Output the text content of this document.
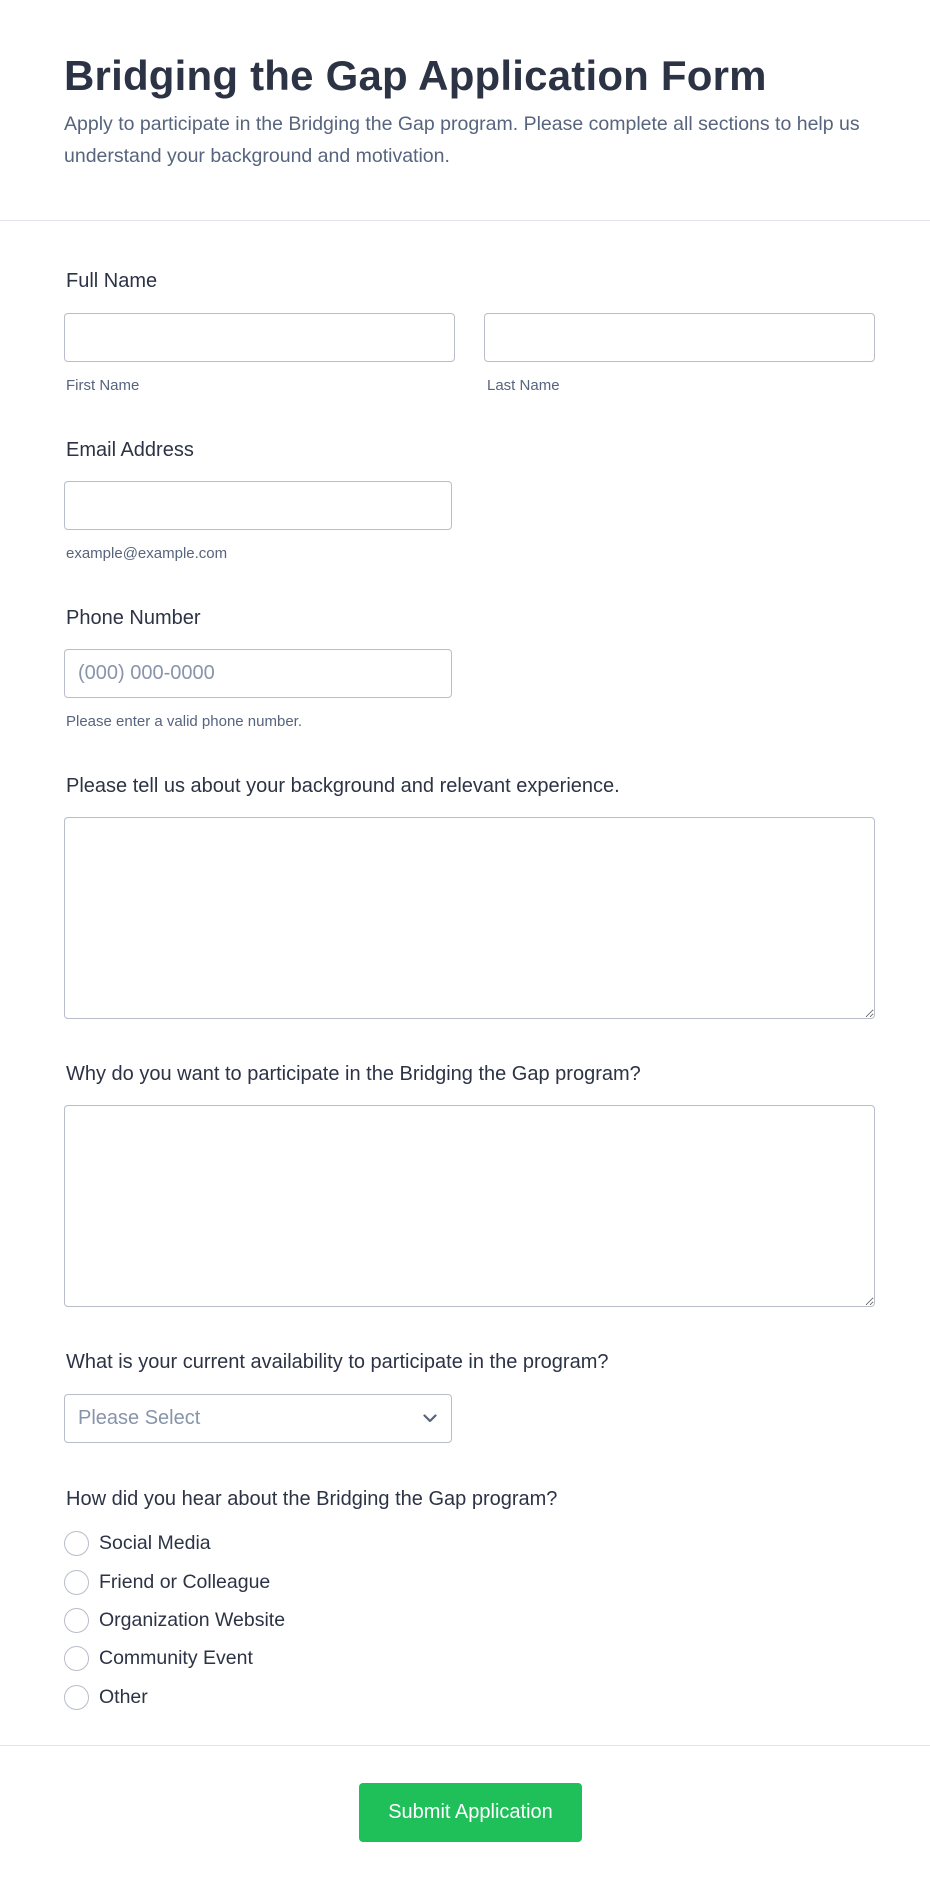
Bridging the Gap Application Form
Apply to participate in the Bridging the Gap program. Please complete all sections to help us understand your background and motivation.
Full Name
First Name	Last Name
Email Address
example@example.com
Phone Number
(000) 000-0000
Please enter a valid phone number.
Please tell us about your background and relevant experience.
Why do you want to participate in the Bridging the Gap program?
What is your current availability to participate in the program?
Please Select
How did you hear about the Bridging the Gap program?
Social Media
Friend or Colleague
Organization Website
Community Event
Other
Submit Application
